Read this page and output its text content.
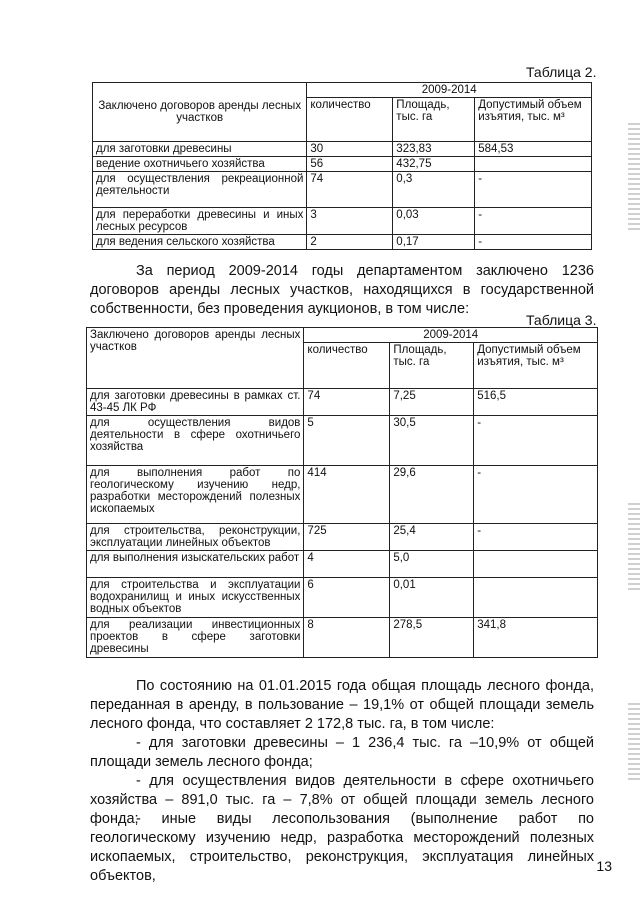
Таблица 2.
Заключено договоров аренды лесных участков	2009-2014		
	количество	Площадь, тыс. га	Допустимый объем изъятия, тыс. м³
для заготовки древесины	30	323,83	584,53
ведение охотничьего хозяйства	56	432,75	
для осуществления рекреационной деятельности	74	0,3	-
для переработки древесины и иных лесных ресурсов	3	0,03	-
для ведения сельского хозяйства	2	0,17	-
За период 2009-2014 годы департаментом заключено 1236 договоров аренды лесных участков, находящихся в государственной собственности, без проведения аукционов, в том числе:
Таблица 3.
Заключено договоров аренды лесных участков	2009-2014		
	количество	Площадь, тыс. га	Допустимый объем изъятия, тыс. м³
для заготовки древесины в рамках ст. 43-45 ЛК РФ	74	7,25	516,5
для осуществления видов деятельности в сфере охотничьего хозяйства	5	30,5	-
для выполнения работ по геологическому изучению недр, разработки месторождений полезных ископаемых	414	29,6	-
для строительства, реконструкции, эксплуатации линейных объектов	725	25,4	-
для выполнения изыскательских работ	4	5,0	
для строительства и эксплуатации водохранилищ и иных искусственных водных объектов	6	0,01	
для реализации инвестиционных проектов в сфере заготовки древесины	8	278,5	341,8
По состоянию на 01.01.2015 года общая площадь лесного фонда, переданная в аренду, в пользование – 19,1% от общей площади земель лесного фонда, что составляет 2 172,8 тыс. га, в том числе:
- для заготовки древесины – 1 236,4 тыс. га –10,9% от общей площади земель лесного фонда;
- для осуществления видов деятельности в сфере охотничьего хозяйства – 891,0 тыс. га – 7,8% от общей площади земель лесного фонда;
- иные виды лесопользования (выполнение работ по геологическому изучению недр, разработка месторождений полезных ископаемых, строительство, реконструкция, эксплуатация линейных объектов,
13
